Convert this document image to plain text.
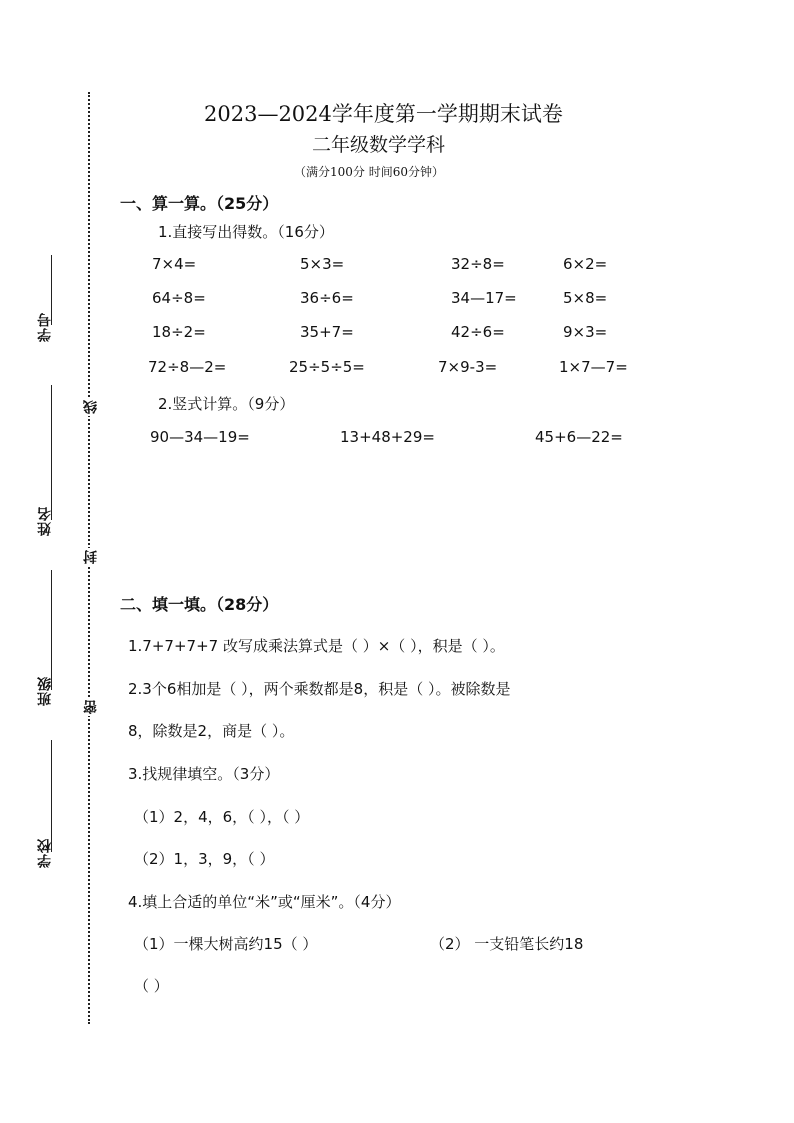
学号
姓名
班级
学校
线
封
密
2023—2024学年度第一学期期末试卷
二年级数学学科
（满分100分 时间60分钟）
一、算一算。（25分）
1.直接写出得数。（16分）
7×4=	5×3=	32÷8=	6×2=
64÷8=	36÷6=	34—17=	5×8=
18÷2=	35+7=	42÷6=	9×3=
72÷8—2=	25÷5÷5=	7×9-3=	1×7—7=
2.竖式计算。（9分）
90—34—19=	13+48+29=	45+6—22=
二、填一填。（28分）
1.7+7+7+7 改写成乘法算式是（ ）×（ ），积是（ ）。
2.3个6相加是（ ），两个乘数都是8，积是（ ）。被除数是
8，除数是2，商是（ ）。
3.找规律填空。（3分）
（1）2，4，6，（ ），（ ）
（2）1，3，9，（ ）
4.填上合适的单位“米”或“厘米”。（4分）
（1）一棵大树高约15（ ）	（2） 一支铅笔长约18
（ ）
